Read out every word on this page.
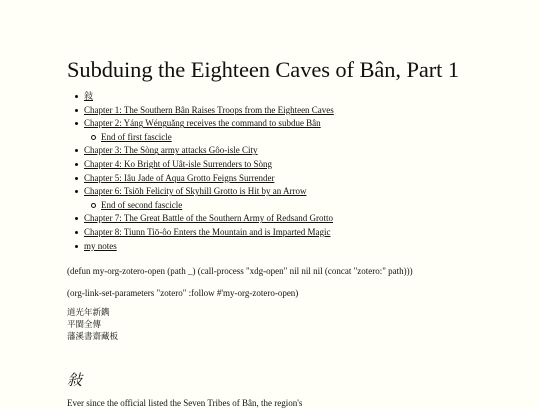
Subduing the Eighteen Caves of Bân, Part 1
敍
Chapter 1: The Southern Bân Raises Troops from the Eighteen Caves
Chapter 2: Yáng Wénguǎng receives the command to subdue Bân
End of first fascicle
Chapter 3: The Sòng army attacks Gôo-isle City
Chapter 4: Ko Bright of Uât-isle Surrenders to Sòng
Chapter 5: Iâu Jade of Aqua Grotto Feigns Surrender
Chapter 6: Tsiōh Felicity of Skyhill Grotto is Hit by an Arrow
End of second fascicle
Chapter 7: The Great Battle of the Southern Army of Redsand Grotto
Chapter 8: Tiunn Tiō-ôo Enters the Mountain and is Imparted Magic
my notes
(defun my-org-zotero-open (path _) (call-process "xdg-open" nil nil nil (concat "zotero:" path)))
(org-link-set-parameters "zotero" :follow #'my-org-zotero-open)
道光年新鐫
平閩全傳
藩溪書齋藏板
敍

Ever since the official listed the Seven Tribes of Bân, the region's
